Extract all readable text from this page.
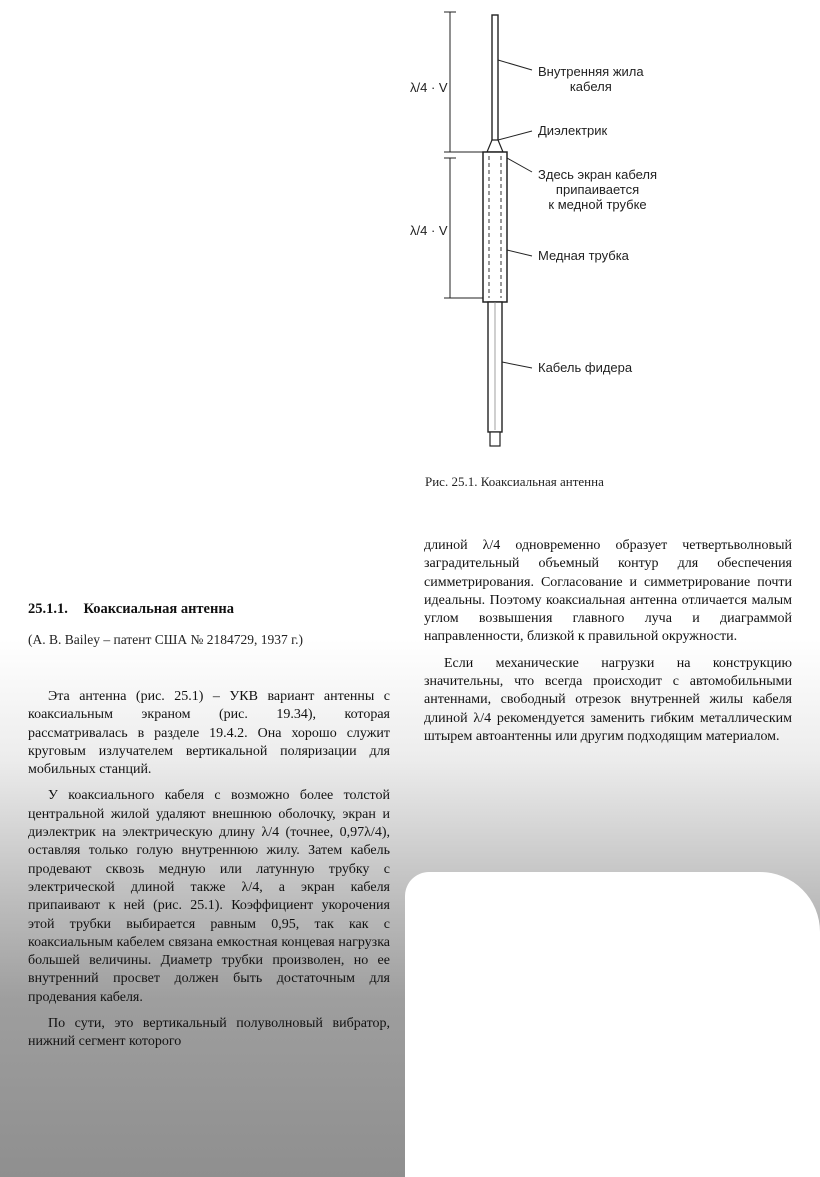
λ/4 · V
λ/4 · V
Внутренняя жила
кабеля
Диэлектрик
Здесь экран кабеля
припаивается
к медной трубке
Медная трубка
Кабель фидера
Рис. 25.1. Коаксиальная антенна
25.1.1. Коаксиальная антенна
(А. В. Bailey – патент США № 2184729, 1937 г.)

Эта антенна (рис. 25.1) – УКВ вариант антенны с коаксиальным экраном (рис. 19.34), которая рассматривалась в разделе 19.4.2. Она хорошо служит круговым излучателем вертикальной поляризации для мобильных станций.

У коаксиального кабеля с возможно более толстой центральной жилой удаляют внешнюю оболочку, экран и диэлектрик на электрическую длину λ/4 (точнее, 0,97λ/4), оставляя только голую внутреннюю жилу. Затем кабель продевают сквозь медную или латунную трубку с электрической длиной также λ/4, а экран кабеля припаивают к ней (рис. 25.1). Коэффициент укорочения этой трубки выбирается равным 0,95, так как с коаксиальным кабелем связана емкостная концевая нагрузка большей величины. Диаметр трубки произволен, но ее внутренний просвет должен быть достаточным для продевания кабеля.

По сути, это вертикальный полуволновый вибратор, нижний сегмент которого

длиной λ/4 одновременно образует четвертьволновый заградительный объемный контур для обеспечения симметрирования. Согласование и симметрирование почти идеальны. Поэтому коаксиальная антенна отличается малым углом возвышения главного луча и диаграммой направленности, близкой к правильной окружности.

Если механические нагрузки на конструкцию значительны, что всегда происходит с автомобильными антеннами, свободный отрезок внутренней жилы кабеля длиной λ/4 рекомендуется заменить гибким металлическим штырем автоантенны или другим подходящим материалом.
